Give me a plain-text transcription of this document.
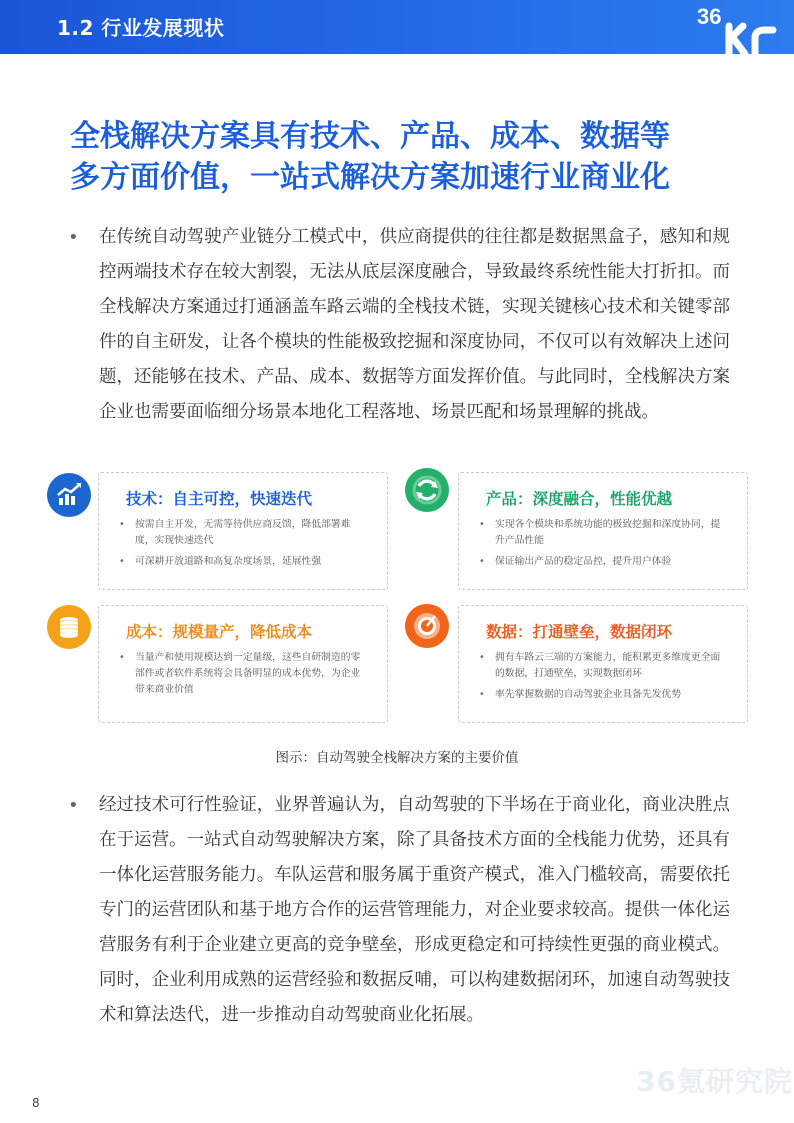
1.2 行业发展现状	36
全栈解决方案具有技术、产品、成本、数据等
多方面价值，一站式解决方案加速行业商业化
• 在传统自动驾驶产业链分工模式中，供应商提供的往往都是数据黑盒子，感知和规控两端技术存在较大割裂，无法从底层深度融合，导致最终系统性能大打折扣。而全栈解决方案通过打通涵盖车路云端的全栈技术链，实现关键核心技术和关键零部件的自主研发，让各个模块的性能极致挖掘和深度协同，不仅可以有效解决上述问题，还能够在技术、产品、成本、数据等方面发挥价值。与此同时，全栈解决方案企业也需要面临细分场景本地化工程落地、场景匹配和场景理解的挑战。
技术：自主可控，快速迭代
• 按需自主开发，无需等待供应商反馈，降低部署难度，实现快速迭代
• 可深耕开放道路和高复杂度场景，延展性强
产品：深度融合，性能优越
• 实现各个模块和系统功能的极致挖掘和深度协同，提升产品性能
• 保证输出产品的稳定品控，提升用户体验
成本：规模量产，降低成本
• 当量产和使用规模达到一定量级，这些自研制造的零部件或者软件系统将会具备明显的成本优势，为企业带来商业价值
数据：打通壁垒，数据闭环
• 拥有车路云三端的方案能力，能积累更多维度更全面的数据，打通壁垒，实现数据闭环
• 率先掌握数据的自动驾驶企业具备先发优势
图示：自动驾驶全栈解决方案的主要价值
• 经过技术可行性验证，业界普遍认为，自动驾驶的下半场在于商业化，商业决胜点在于运营。一站式自动驾驶解决方案，除了具备技术方面的全栈能力优势，还具有一体化运营服务能力。车队运营和服务属于重资产模式，准入门槛较高，需要依托专门的运营团队和基于地方合作的运营管理能力，对企业要求较高。提供一体化运营服务有利于企业建立更高的竞争壁垒，形成更稳定和可持续性更强的商业模式。同时，企业利用成熟的运营经验和数据反哺，可以构建数据闭环，加速自动驾驶技术和算法迭代，进一步推动自动驾驶商业化拓展。
36氪研究院
8
